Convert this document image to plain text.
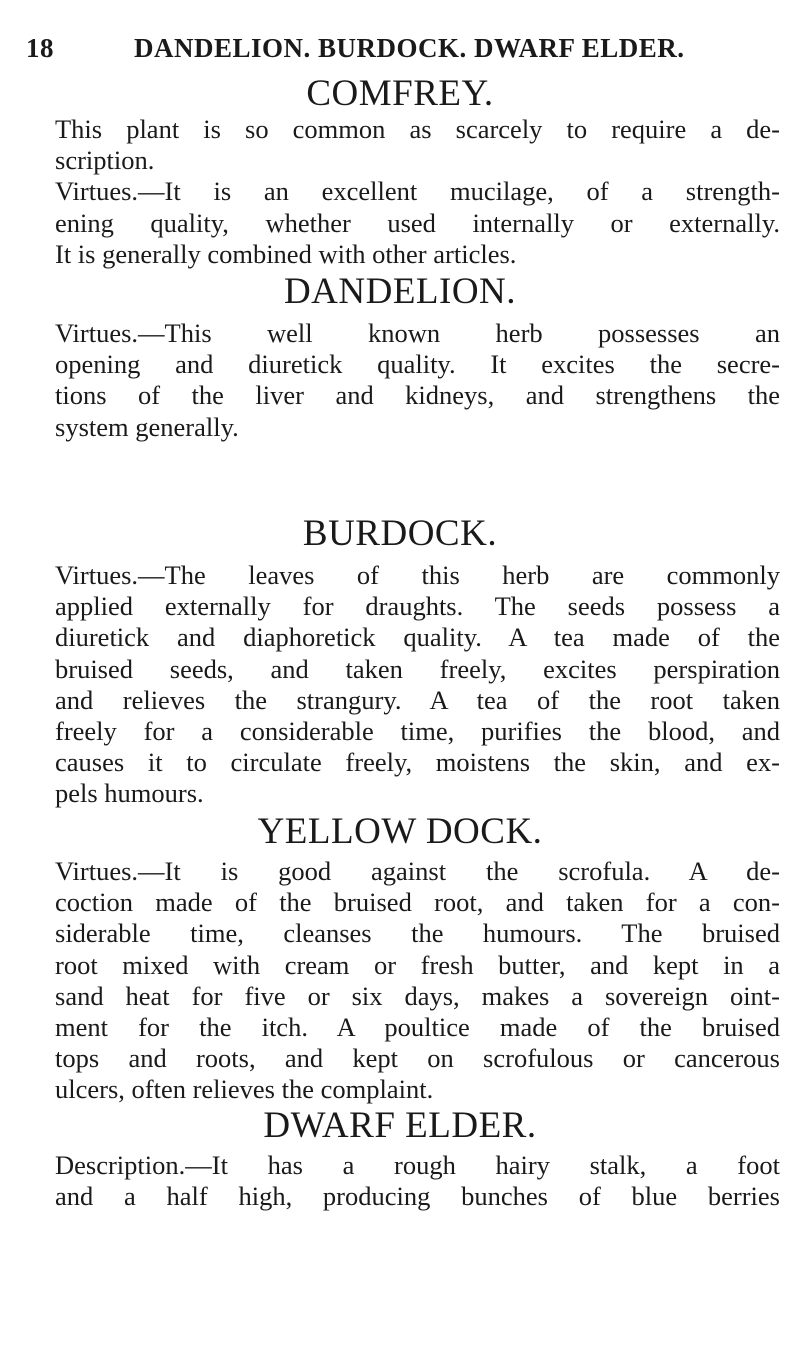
18	DANDELION. BURDOCK. DWARF ELDER.
COMFREY.
This plant is so common as scarcely to require a de-
scription.
Virtues.—It is an excellent mucilage, of a strength-
ening quality, whether used internally or externally.
It is generally combined with other articles.
DANDELION.
Virtues.—This well known herb possesses an
opening and diuretick quality. It excites the secre-
tions of the liver and kidneys, and strengthens the
system generally.
BURDOCK.
Virtues.—The leaves of this herb are commonly
applied externally for draughts. The seeds possess a
diuretick and diaphoretick quality. A tea made of the
bruised seeds, and taken freely, excites perspiration
and relieves the strangury. A tea of the root taken
freely for a considerable time, purifies the blood, and
causes it to circulate freely, moistens the skin, and ex-
pels humours.
YELLOW DOCK.
Virtues.—It is good against the scrofula. A de-
coction made of the bruised root, and taken for a con-
siderable time, cleanses the humours. The bruised
root mixed with cream or fresh butter, and kept in a
sand heat for five or six days, makes a sovereign oint-
ment for the itch. A poultice made of the bruised
tops and roots, and kept on scrofulous or cancerous
ulcers, often relieves the complaint.
DWARF ELDER.
Description.—It has a rough hairy stalk, a foot
and a half high, producing bunches of blue berries
